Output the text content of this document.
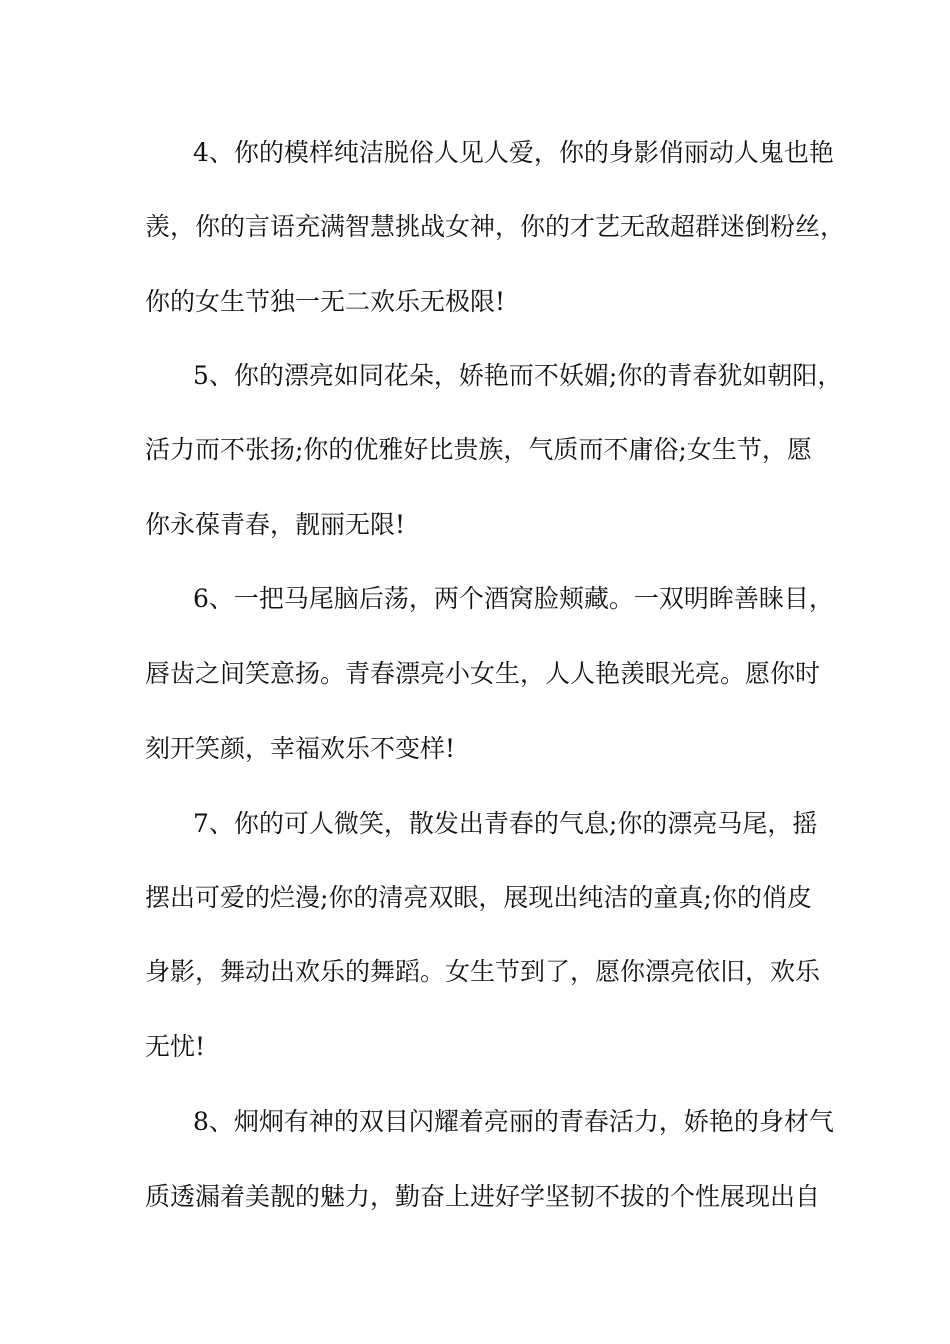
4、你的模样纯洁脱俗人见人爱，你的身影俏丽动人鬼也艳
羡，你的言语充满智慧挑战女神，你的才艺无敌超群迷倒粉丝，
你的女生节独一无二欢乐无极限!
5、你的漂亮如同花朵，娇艳而不妖媚;你的青春犹如朝阳，
活力而不张扬;你的优雅好比贵族，气质而不庸俗;女生节，愿
你永葆青春，靓丽无限!
6、一把马尾脑后荡，两个酒窝脸颊藏。一双明眸善睐目，
唇齿之间笑意扬。青春漂亮小女生，人人艳羡眼光亮。愿你时
刻开笑颜，幸福欢乐不变样!
7、你的可人微笑，散发出青春的气息;你的漂亮马尾，摇
摆出可爱的烂漫;你的清亮双眼，展现出纯洁的童真;你的俏皮
身影，舞动出欢乐的舞蹈。女生节到了，愿你漂亮依旧，欢乐
无忧!
8、炯炯有神的双目闪耀着亮丽的青春活力，娇艳的身材气
质透漏着美靓的魅力，勤奋上进好学坚韧不拔的个性展现出自
